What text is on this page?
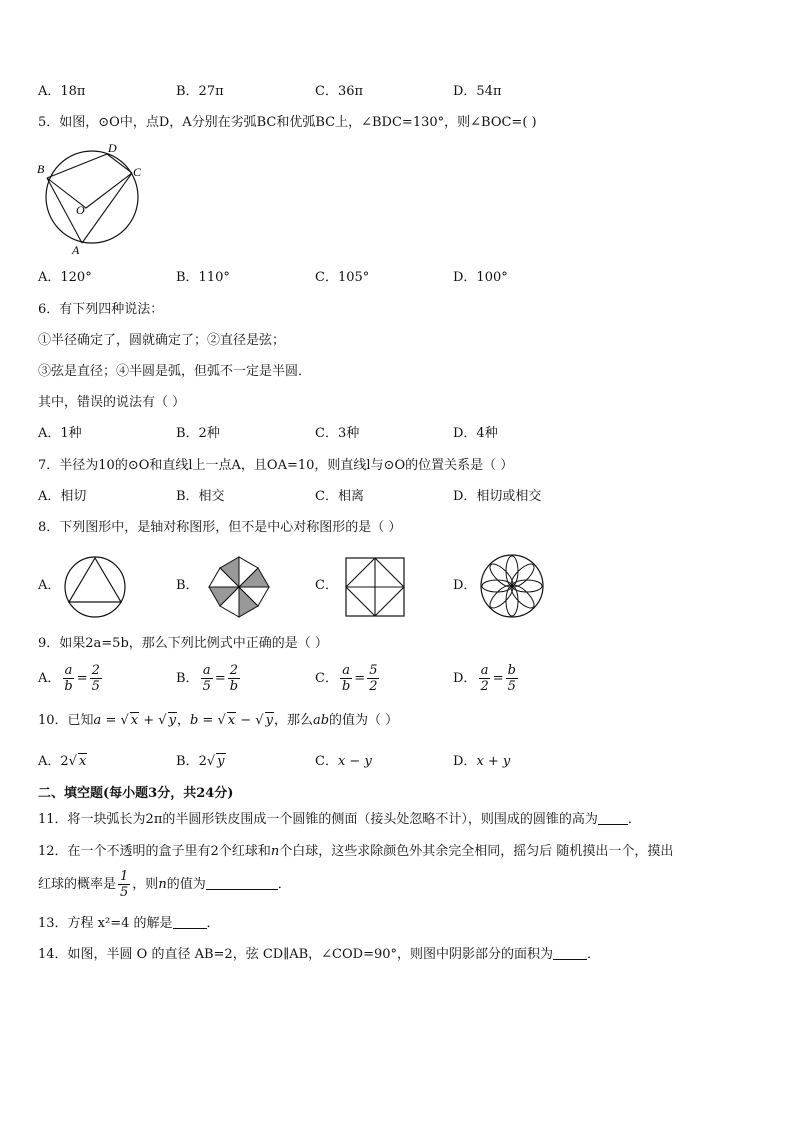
A．18π	B．27π	C．36π	D．54π
5．如图，⊙O中，点D，A分别在劣弧BC和优弧BC上，∠BDC=130°，则∠BOC=( )
B
D
C
O
A
A．120°	B．110°	C．105°	D．100°
6．有下列四种说法：
①半径确定了，圆就确定了；②直径是弦；
③弦是直径；④半圆是弧，但弧不一定是半圆．
其中，错误的说法有（ ）
A．1种	B．2种	C．3种	D．4种
7．半径为10的⊙O和直线l上一点A，且OA=10，则直线l与⊙O的位置关系是（ ）
A．相切	B．相交	C．相离	D．相切或相交
8．下列图形中，是轴对称图形，但不是中心对称图形的是（ ）
A．	B．	C．	D．
9．如果2a=5b，那么下列比例式中正确的是（ ）
A． $\frac{a}{b} = \frac{2}{5}$	B． $\frac{a}{5} = \frac{2}{b}$	C． $\frac{a}{b} = \frac{5}{2}$	D． $\frac{a}{2} = \frac{b}{5}$
10．已知a = √ x + √ y，b = √ x − √ y，那么ab的值为（ ）
A．2√ x	B．2√ y	C．x − y	D．x + y
二、填空题(每小题3分，共24分)
11．将一块弧长为2π的半圆形铁皮围成一个圆锥的侧面（接头处忽略不计），则围成的圆锥的高为 ．
12．在一个不透明的盒子里有2个红球和n个白球，这些求除颜色外其余完全相同，摇匀后 随机摸出一个，摸出
红球的概率是 $\frac{1}{5}$ ，则n的值为	．
13．方程 x²=4 的解是	．
14．如图，半圆 O 的直径 AB=2，弦 CD∥AB，∠COD=90°，则图中阴影部分的面积为	．
